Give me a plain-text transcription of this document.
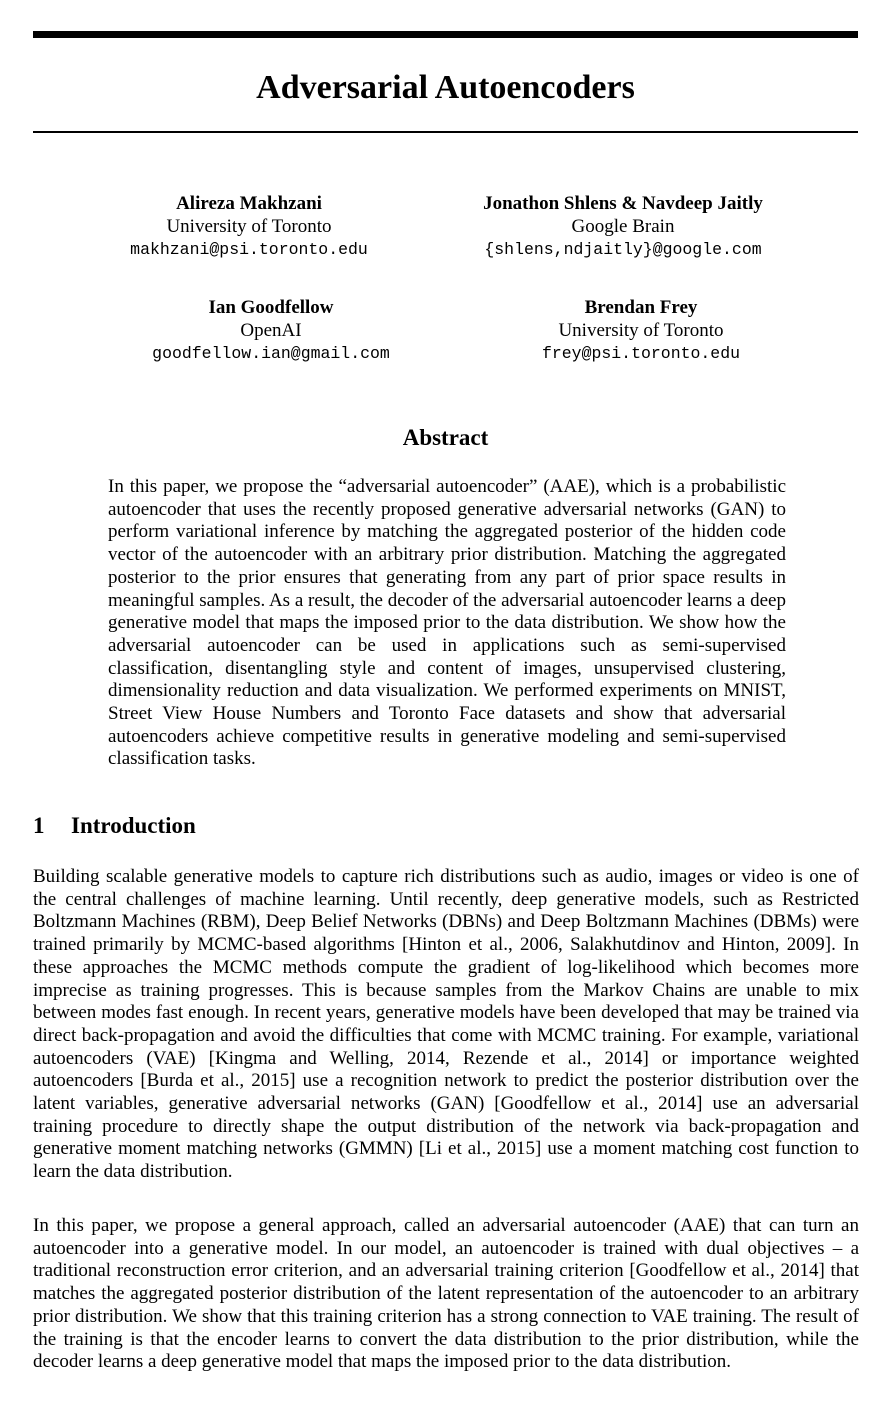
Adversarial Autoencoders
Alireza Makhzani
University of Toronto
makhzani@psi.toronto.edu
Jonathon Shlens & Navdeep Jaitly
Google Brain
{shlens,ndjaitly}@google.com
Ian Goodfellow
OpenAI
goodfellow.ian@gmail.com
Brendan Frey
University of Toronto
frey@psi.toronto.edu
Abstract

In this paper, we propose the “adversarial autoencoder” (AAE), which is a probabilistic autoencoder that uses the recently proposed generative adversarial networks (GAN) to perform variational inference by matching the aggregated posterior of the hidden code vector of the autoencoder with an arbitrary prior distribution. Matching the aggregated posterior to the prior ensures that generating from any part of prior space results in meaningful samples. As a result, the decoder of the adversarial autoencoder learns a deep generative model that maps the imposed prior to the data distribution. We show how the adversarial autoencoder can be used in applications such as semi-supervised classification, disentangling style and content of images, unsupervised clustering, dimensionality reduction and data visualization. We performed experiments on MNIST, Street View House Numbers and Toronto Face datasets and show that adversarial autoencoders achieve competitive results in generative modeling and semi-supervised classification tasks.

1 Introduction

Building scalable generative models to capture rich distributions such as audio, images or video is one of the central challenges of machine learning. Until recently, deep generative models, such as Restricted Boltzmann Machines (RBM), Deep Belief Networks (DBNs) and Deep Boltzmann Machines (DBMs) were trained primarily by MCMC-based algorithms [Hinton et al., 2006, Salakhutdinov and Hinton, 2009]. In these approaches the MCMC methods compute the gradient of log-likelihood which becomes more imprecise as training progresses. This is because samples from the Markov Chains are unable to mix between modes fast enough. In recent years, generative models have been developed that may be trained via direct back-propagation and avoid the difficulties that come with MCMC training. For example, variational autoencoders (VAE) [Kingma and Welling, 2014, Rezende et al., 2014] or importance weighted autoencoders [Burda et al., 2015] use a recognition network to predict the posterior distribution over the latent variables, generative adversarial networks (GAN) [Goodfellow et al., 2014] use an adversarial training procedure to directly shape the output distribution of the network via back-propagation and generative moment matching networks (GMMN) [Li et al., 2015] use a moment matching cost function to learn the data distribution.

In this paper, we propose a general approach, called an adversarial autoencoder (AAE) that can turn an autoencoder into a generative model. In our model, an autoencoder is trained with dual objectives – a traditional reconstruction error criterion, and an adversarial training criterion [Goodfellow et al., 2014] that matches the aggregated posterior distribution of the latent representation of the autoencoder to an arbitrary prior distribution. We show that this training criterion has a strong connection to VAE training. The result of the training is that the encoder learns to convert the data distribution to the prior distribution, while the decoder learns a deep generative model that maps the imposed prior to the data distribution.
